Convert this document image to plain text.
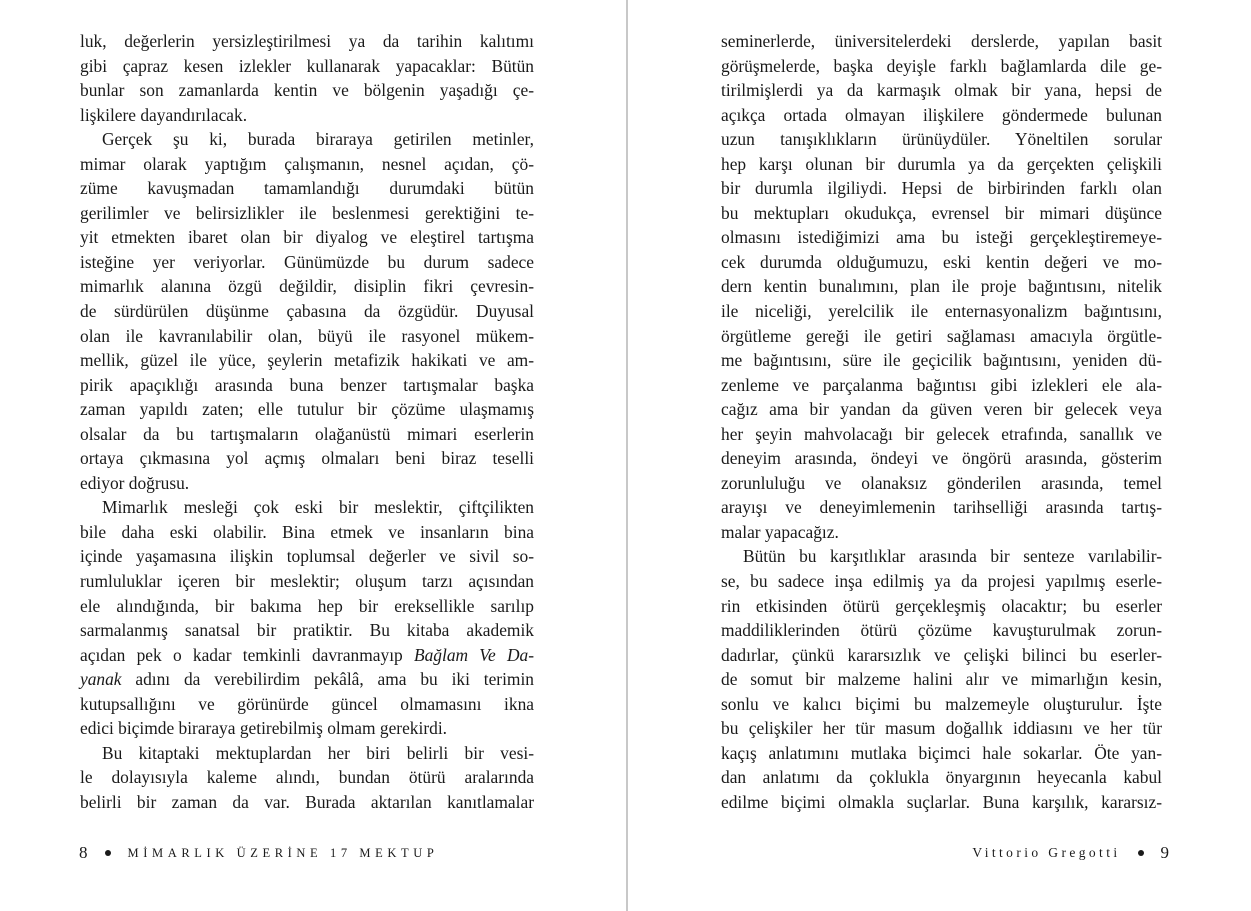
luk, değerlerin yersizleştirilmesi ya da tarihin kalıtımı
gibi çapraz kesen izlekler kullanarak yapacaklar: Bütün
bunlar son zamanlarda kentin ve bölgenin yaşadığı çe-
lişkilere dayandırılacak.
Gerçek şu ki, burada biraraya getirilen metinler,
mimar olarak yaptığım çalışmanın, nesnel açıdan, çö-
züme kavuşmadan tamamlandığı durumdaki bütün
gerilimler ve belirsizlikler ile beslenmesi gerektiğini te-
yit etmekten ibaret olan bir diyalog ve eleştirel tartışma
isteğine yer veriyorlar. Günümüzde bu durum sadece
mimarlık alanına özgü değildir, disiplin fikri çevresin-
de sürdürülen düşünme çabasına da özgüdür. Duyusal
olan ile kavranılabilir olan, büyü ile rasyonel mükem-
mellik, güzel ile yüce, şeylerin metafizik hakikati ve am-
pirik apaçıklığı arasında buna benzer tartışmalar başka
zaman yapıldı zaten; elle tutulur bir çözüme ulaşmamış
olsalar da bu tartışmaların olağanüstü mimari eserlerin
ortaya çıkmasına yol açmış olmaları beni biraz teselli
ediyor doğrusu.
Mimarlık mesleği çok eski bir meslektir, çiftçilikten
bile daha eski olabilir. Bina etmek ve insanların bina
içinde yaşamasına ilişkin toplumsal değerler ve sivil so-
rumluluklar içeren bir meslektir; oluşum tarzı açısından
ele alındığında, bir bakıma hep bir ereksellikle sarılıp
sarmalanmış sanatsal bir pratiktir. Bu kitaba akademik
açıdan pek o kadar temkinli davranmayıp Bağlam Ve Da-
yanak adını da verebilirdim pekâlâ, ama bu iki terimin
kutupsallığını ve görünürde güncel olmamasını ikna
edici biçimde biraraya getirebilmiş olmam gerekirdi.
Bu kitaptaki mektuplardan her biri belirli bir vesi-
le dolayısıyla kaleme alındı, bundan ötürü aralarında
belirli bir zaman da var. Burada aktarılan kanıtlamalar
8	MİMARLIK ÜZERİNE 17 MEKTUP
seminerlerde, üniversitelerdeki derslerde, yapılan basit
görüşmelerde, başka deyişle farklı bağlamlarda dile ge-
tirilmişlerdi ya da karmaşık olmak bir yana, hepsi de
açıkça ortada olmayan ilişkilere göndermede bulunan
uzun tanışıklıkların ürünüydüler. Yöneltilen sorular
hep karşı olunan bir durumla ya da gerçekten çelişkili
bir durumla ilgiliydi. Hepsi de birbirinden farklı olan
bu mektupları okudukça, evrensel bir mimari düşünce
olmasını istediğimizi ama bu isteği gerçekleştiremeye-
cek durumda olduğumuzu, eski kentin değeri ve mo-
dern kentin bunalımını, plan ile proje bağıntısını, nitelik
ile niceliği, yerelcilik ile enternasyonalizm bağıntısını,
örgütleme gereği ile getiri sağlaması amacıyla örgütle-
me bağıntısını, süre ile geçicilik bağıntısını, yeniden dü-
zenleme ve parçalanma bağıntısı gibi izlekleri ele ala-
cağız ama bir yandan da güven veren bir gelecek veya
her şeyin mahvolacağı bir gelecek etrafında, sanallık ve
deneyim arasında, öndeyi ve öngörü arasında, gösterim
zorunluluğu ve olanaksız gönderilen arasında, temel
arayışı ve deneyimlemenin tarihselliği arasında tartış-
malar yapacağız.
Bütün bu karşıtlıklar arasında bir senteze varılabilir-
se, bu sadece inşa edilmiş ya da projesi yapılmış eserle-
rin etkisinden ötürü gerçekleşmiş olacaktır; bu eserler
maddiliklerinden ötürü çözüme kavuşturulmak zorun-
dadırlar, çünkü kararsızlık ve çelişki bilinci bu eserler-
de somut bir malzeme halini alır ve mimarlığın kesin,
sonlu ve kalıcı biçimi bu malzemeyle oluşturulur. İşte
bu çelişkiler her tür masum doğallık iddiasını ve her tür
kaçış anlatımını mutlaka biçimci hale sokarlar. Öte yan-
dan anlatımı da çoklukla önyargının heyecanla kabul
edilme biçimi olmakla suçlarlar. Buna karşılık, kararsız-
Vittorio Gregotti 9
